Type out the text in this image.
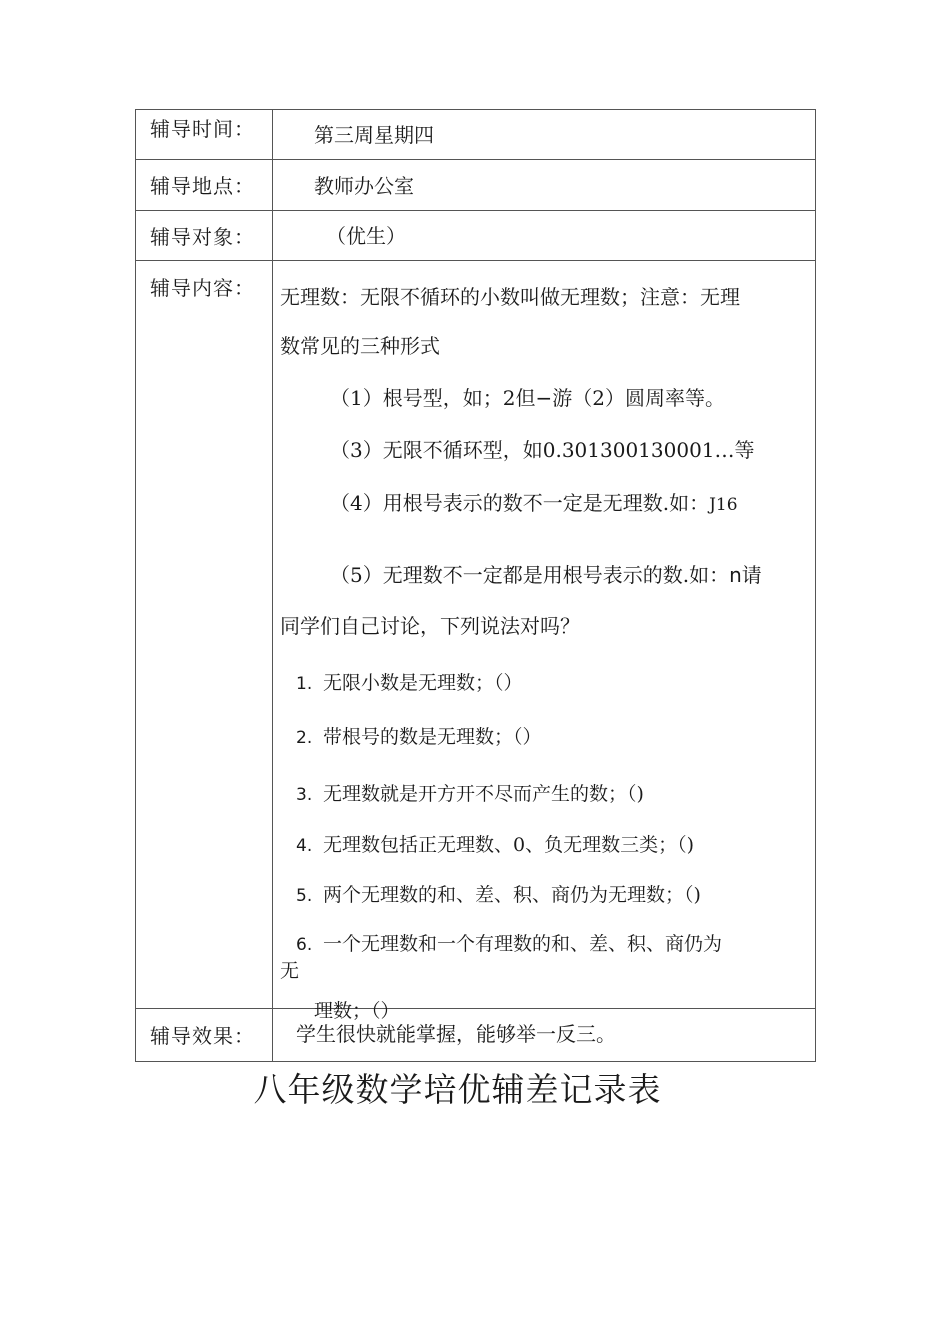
辅导时间：
辅导地点：
辅导对象：
辅导内容：
辅导效果：
第三周星期四
教师办公室
（优生）
学生很快就能掌握，能够举一反三。
无理数：无限不循环的小数叫做无理数；注意：无理
数常见的三种形式
（1）根号型，如；2但−游（2）圆周率等。
（3）无限不循环型，如0.301300130001…等
（4）用根号表示的数不一定是无理数.如：J16
（5）无理数不一定都是用根号表示的数.如：n请
同学们自己讨论，下列说法对吗？
1. 无限小数是无理数；（）
2. 带根号的数是无理数；（）
3. 无理数就是开方开不尽而产生的数；（)
4. 无理数包括正无理数、0、负无理数三类；（)
5. 两个无理数的和、差、积、商仍为无理数；（)
6. 一个无理数和一个有理数的和、差、积、商仍为
无
理数；（）
八年级数学培优辅差记录表
